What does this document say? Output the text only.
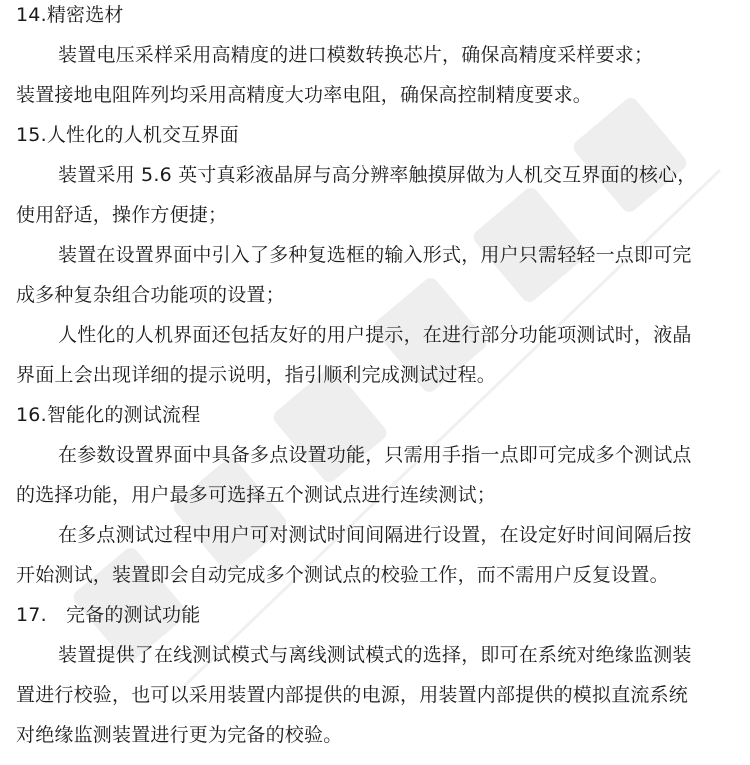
14.精密选材
装置电压采样采用高精度的进口模数转换芯片，确保高精度采样要求；
装置接地电阻阵列均采用高精度大功率电阻，确保高控制精度要求。
15.人性化的人机交互界面
装置采用 5.6 英寸真彩液晶屏与高分辨率触摸屏做为人机交互界面的核心，
使用舒适，操作方便捷；
装置在设置界面中引入了多种复选框的输入形式，用户只需轻轻一点即可完
成多种复杂组合功能项的设置；
人性化的人机界面还包括友好的用户提示，在进行部分功能项测试时，液晶
界面上会出现详细的提示说明，指引顺利完成测试过程。
16.智能化的测试流程
在参数设置界面中具备多点设置功能，只需用手指一点即可完成多个测试点
的选择功能，用户最多可选择五个测试点进行连续测试；
在多点测试过程中用户可对测试时间间隔进行设置，在设定好时间间隔后按
开始测试，装置即会自动完成多个测试点的校验工作，而不需用户反复设置。
17.　完备的测试功能
装置提供了在线测试模式与离线测试模式的选择，即可在系统对绝缘监测装
置进行校验，也可以采用装置内部提供的电源，用装置内部提供的模拟直流系统
对绝缘监测装置进行更为完备的校验。
